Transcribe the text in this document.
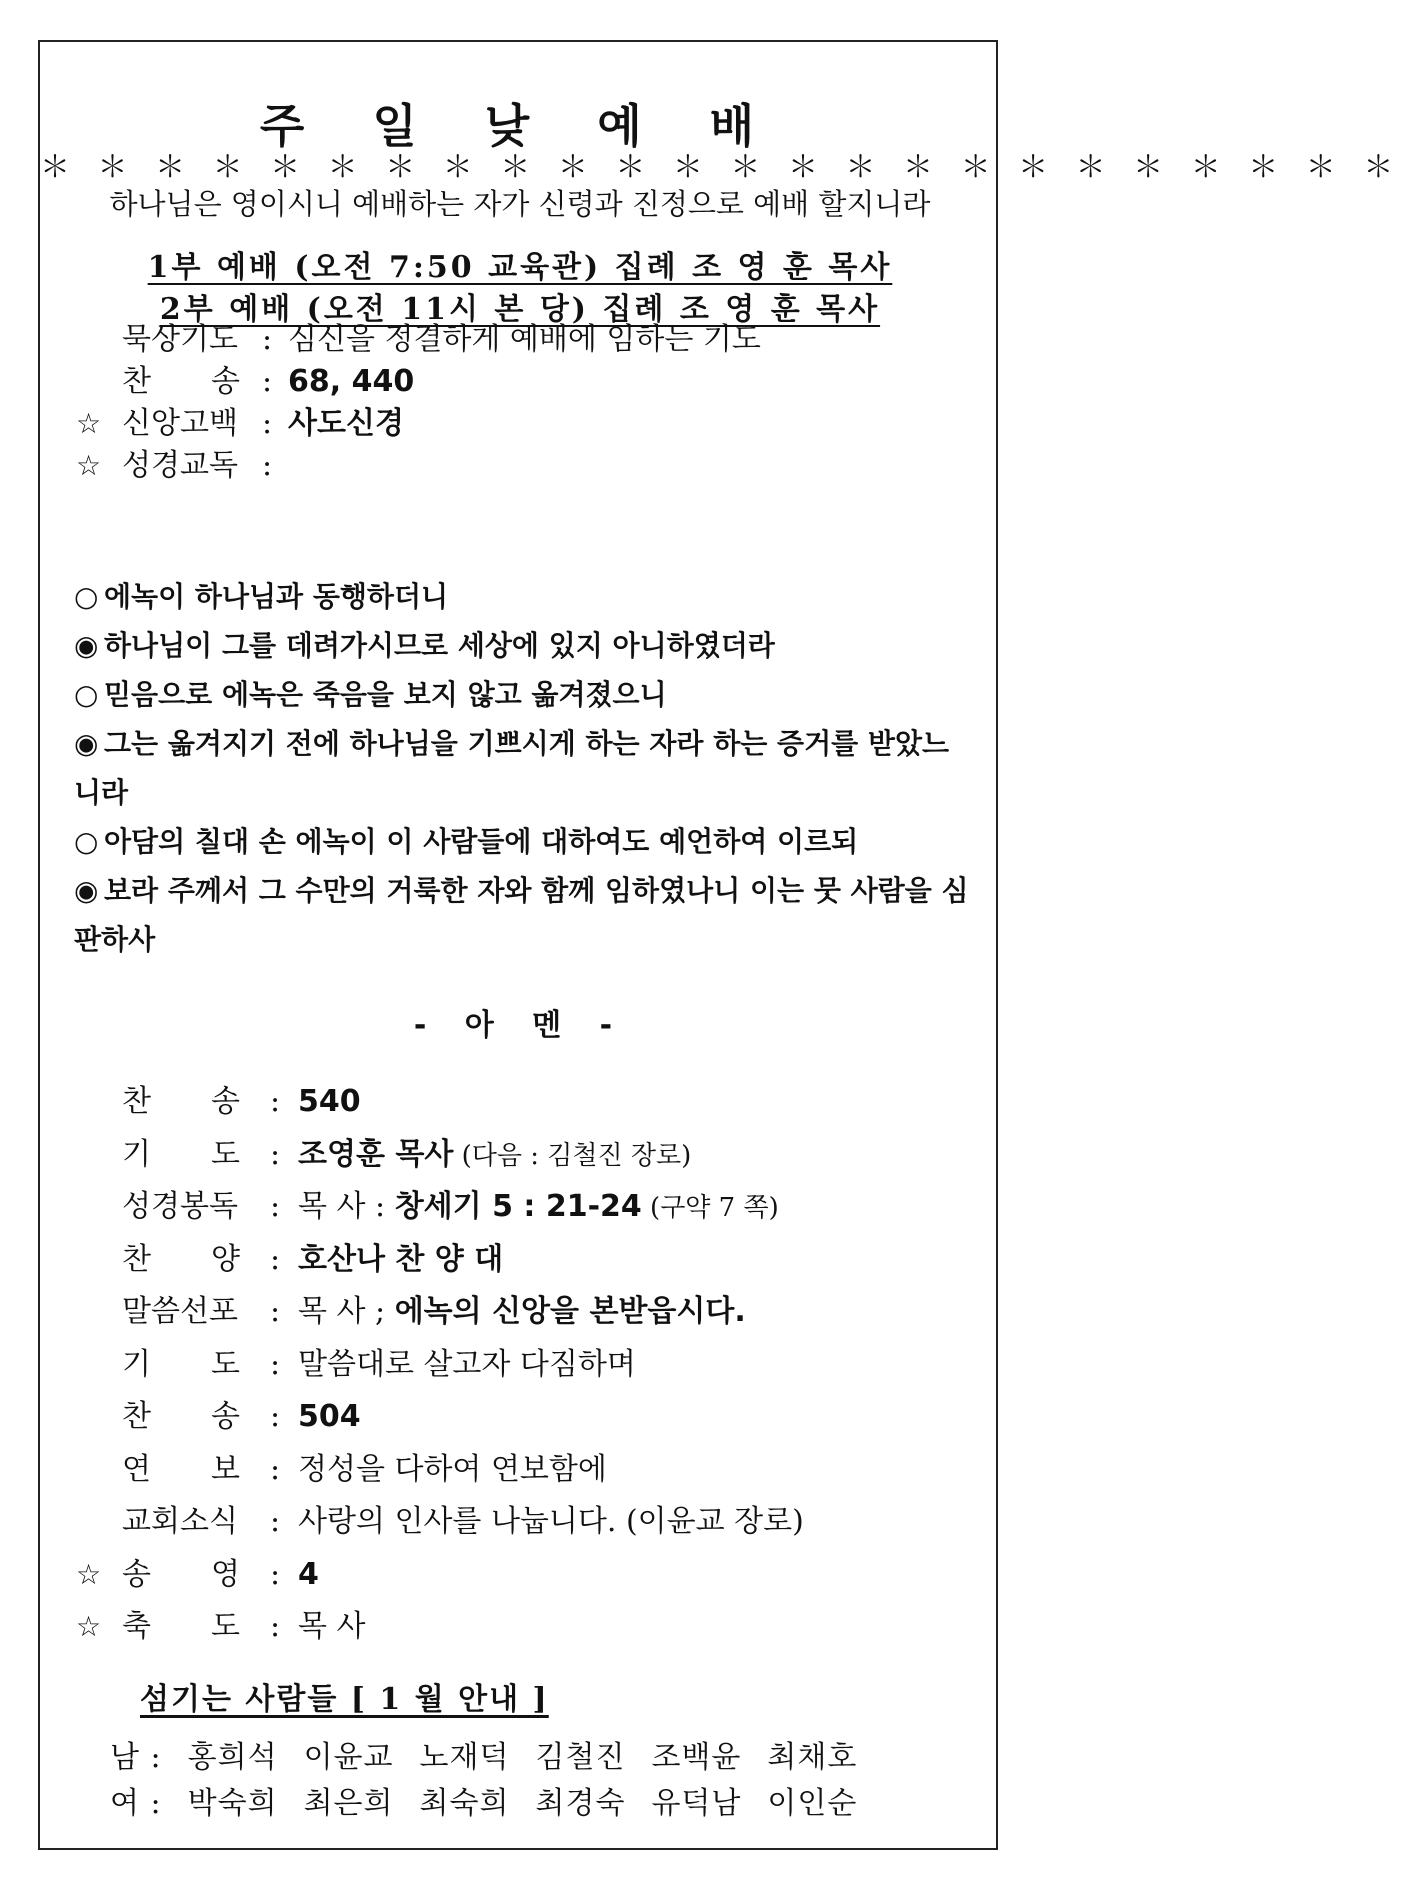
주 일 낮 예 배
＊ ＊ ＊ ＊ ＊ ＊ ＊ ＊ ＊ ＊ ＊ ＊ ＊ ＊ ＊ ＊ ＊ ＊ ＊ ＊ ＊ ＊ ＊ ＊
하나님은 영이시니 예배하는 자가 신령과 진정으로 예배 할지니라
1부 예배 (오전 7:50 교육관) 집례 조 영 훈 목사
2부 예배 (오전 11시 본 당) 집례 조 영 훈 목사
묵상기도 : 심신을 정결하게 예배에 임하는 기도
찬　　송 : 68, 440
☆ 신앙고백 : 사도신경
☆ 성경교독 :
○ 에녹이 하나님과 동행하더니
◉ 하나님이 그를 데려가시므로 세상에 있지 아니하였더라
○ 믿음으로 에녹은 죽음을 보지 않고 옮겨졌으니
◉ 그는 옮겨지기 전에 하나님을 기쁘시게 하는 자라 하는 증거를 받았느니라
○ 아담의 칠대 손 에녹이 이 사람들에 대하여도 예언하여 이르되
◉ 보라 주께서 그 수만의 거룩한 자와 함께 임하였나니 이는 뭇 사람을 심판하사
- 아 멘 -
찬　　송 : 540
기　　도 : 조영훈 목사 (다음 : 김철진 장로)
성경봉독 : 목 사 : 창세기 5 : 21-24 (구약 7 쪽)
찬　　양 : 호산나 찬 양 대
말씀선포 : 목 사 ; 에녹의 신앙을 본받읍시다.
기　　도 : 말씀대로 살고자 다짐하며
찬　　송 : 504
연　　보 : 정성을 다하여 연보함에
교회소식 : 사랑의 인사를 나눕니다. (이윤교 장로)
☆ 송　　영 : 4
☆ 축　　도 : 목 사
섬기는 사람들 [ 1 월 안내 ]
남 : 홍희석 이윤교 노재덕 김철진 조백윤 최채호
여 : 박숙희 최은희 최숙희 최경숙 유덕남 이인순
